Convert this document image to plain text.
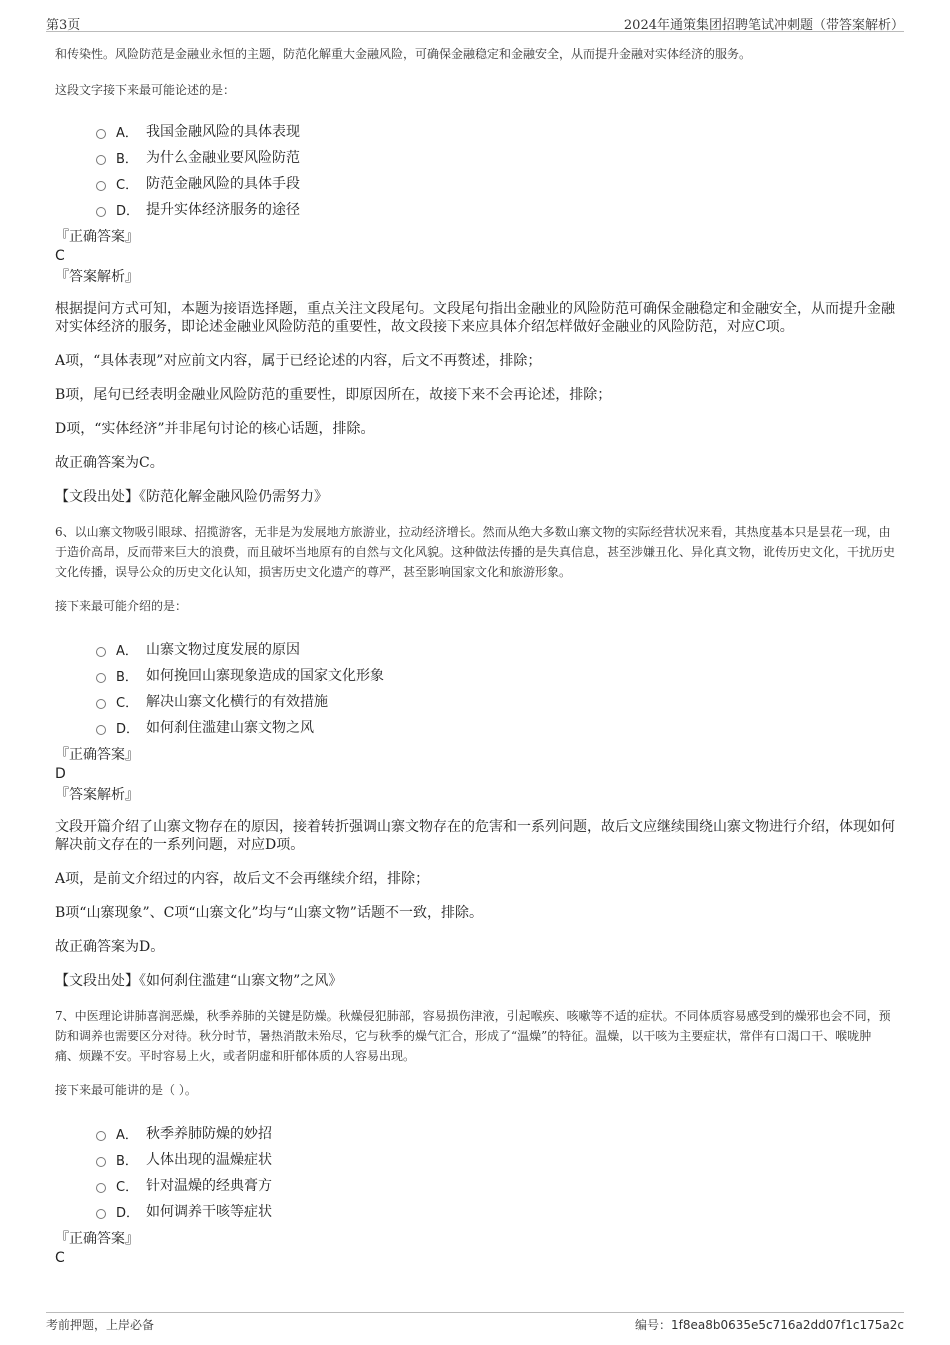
第3页	2024年通策集团招聘笔试冲刺题（带答案解析）

和传染性。风险防范是金融业永恒的主题，防范化解重大金融风险，可确保金融稳定和金融安全，从而提升金融对实体经济的服务。

这段文字接下来最可能论述的是：

A． 我国金融风险的具体表现
B． 为什么金融业要风险防范
C． 防范金融风险的具体手段
D． 提升实体经济服务的途径

『正确答案』

C

『答案解析』

根据提问方式可知，本题为接语选择题，重点关注文段尾句。文段尾句指出金融业的风险防范可确保金融稳定和金融安全，从而提升金融对实体经济的服务，即论述金融业风险防范的重要性，故文段接下来应具体介绍怎样做好金融业的风险防范，对应C项。

A项，“具体表现”对应前文内容，属于已经论述的内容，后文不再赘述，排除；

B项，尾句已经表明金融业风险防范的重要性，即原因所在，故接下来不会再论述，排除；

D项，“实体经济”并非尾句讨论的核心话题，排除。

故正确答案为C。

【文段出处】《防范化解金融风险仍需努力》

6、以山寨文物吸引眼球、招揽游客，无非是为发展地方旅游业，拉动经济增长。然而从绝大多数山寨文物的实际经营状况来看，其热度基本只是昙花一现，由于造价高昂，反而带来巨大的浪费，而且破坏当地原有的自然与文化风貌。这种做法传播的是失真信息，甚至涉嫌丑化、异化真文物，讹传历史文化，干扰历史文化传播，误导公众的历史文化认知，损害历史文化遗产的尊严，甚至影响国家文化和旅游形象。

接下来最可能介绍的是：

A． 山寨文物过度发展的原因
B． 如何挽回山寨现象造成的国家文化形象
C． 解决山寨文化横行的有效措施
D． 如何刹住滥建山寨文物之风

『正确答案』

D

『答案解析』

文段开篇介绍了山寨文物存在的原因，接着转折强调山寨文物存在的危害和一系列问题，故后文应继续围绕山寨文物进行介绍，体现如何解决前文存在的一系列问题，对应D项。

A项，是前文介绍过的内容，故后文不会再继续介绍，排除；

B项“山寨现象”、C项“山寨文化”均与“山寨文物”话题不一致，排除。

故正确答案为D。

【文段出处】《如何刹住滥建“山寨文物”之风》

7、中医理论讲肺喜润恶燥，秋季养肺的关键是防燥。秋燥侵犯肺部，容易损伤津液，引起喉疾、咳嗽等不适的症状。不同体质容易感受到的燥邪也会不同，预防和调养也需要区分对待。秋分时节，暑热消散未殆尽，它与秋季的燥气汇合，形成了“温燥”的特征。温燥，以干咳为主要症状，常伴有口渴口干、喉咙肿痛、烦躁不安。平时容易上火，或者阴虚和肝郁体质的人容易出现。

接下来最可能讲的是（ ）。

A． 秋季养肺防燥的妙招
B． 人体出现的温燥症状
C． 针对温燥的经典膏方
D． 如何调养干咳等症状

『正确答案』

C

考前押题，上岸必备	编号：1f8ea8b0635e5c716a2dd07f1c175a2c
